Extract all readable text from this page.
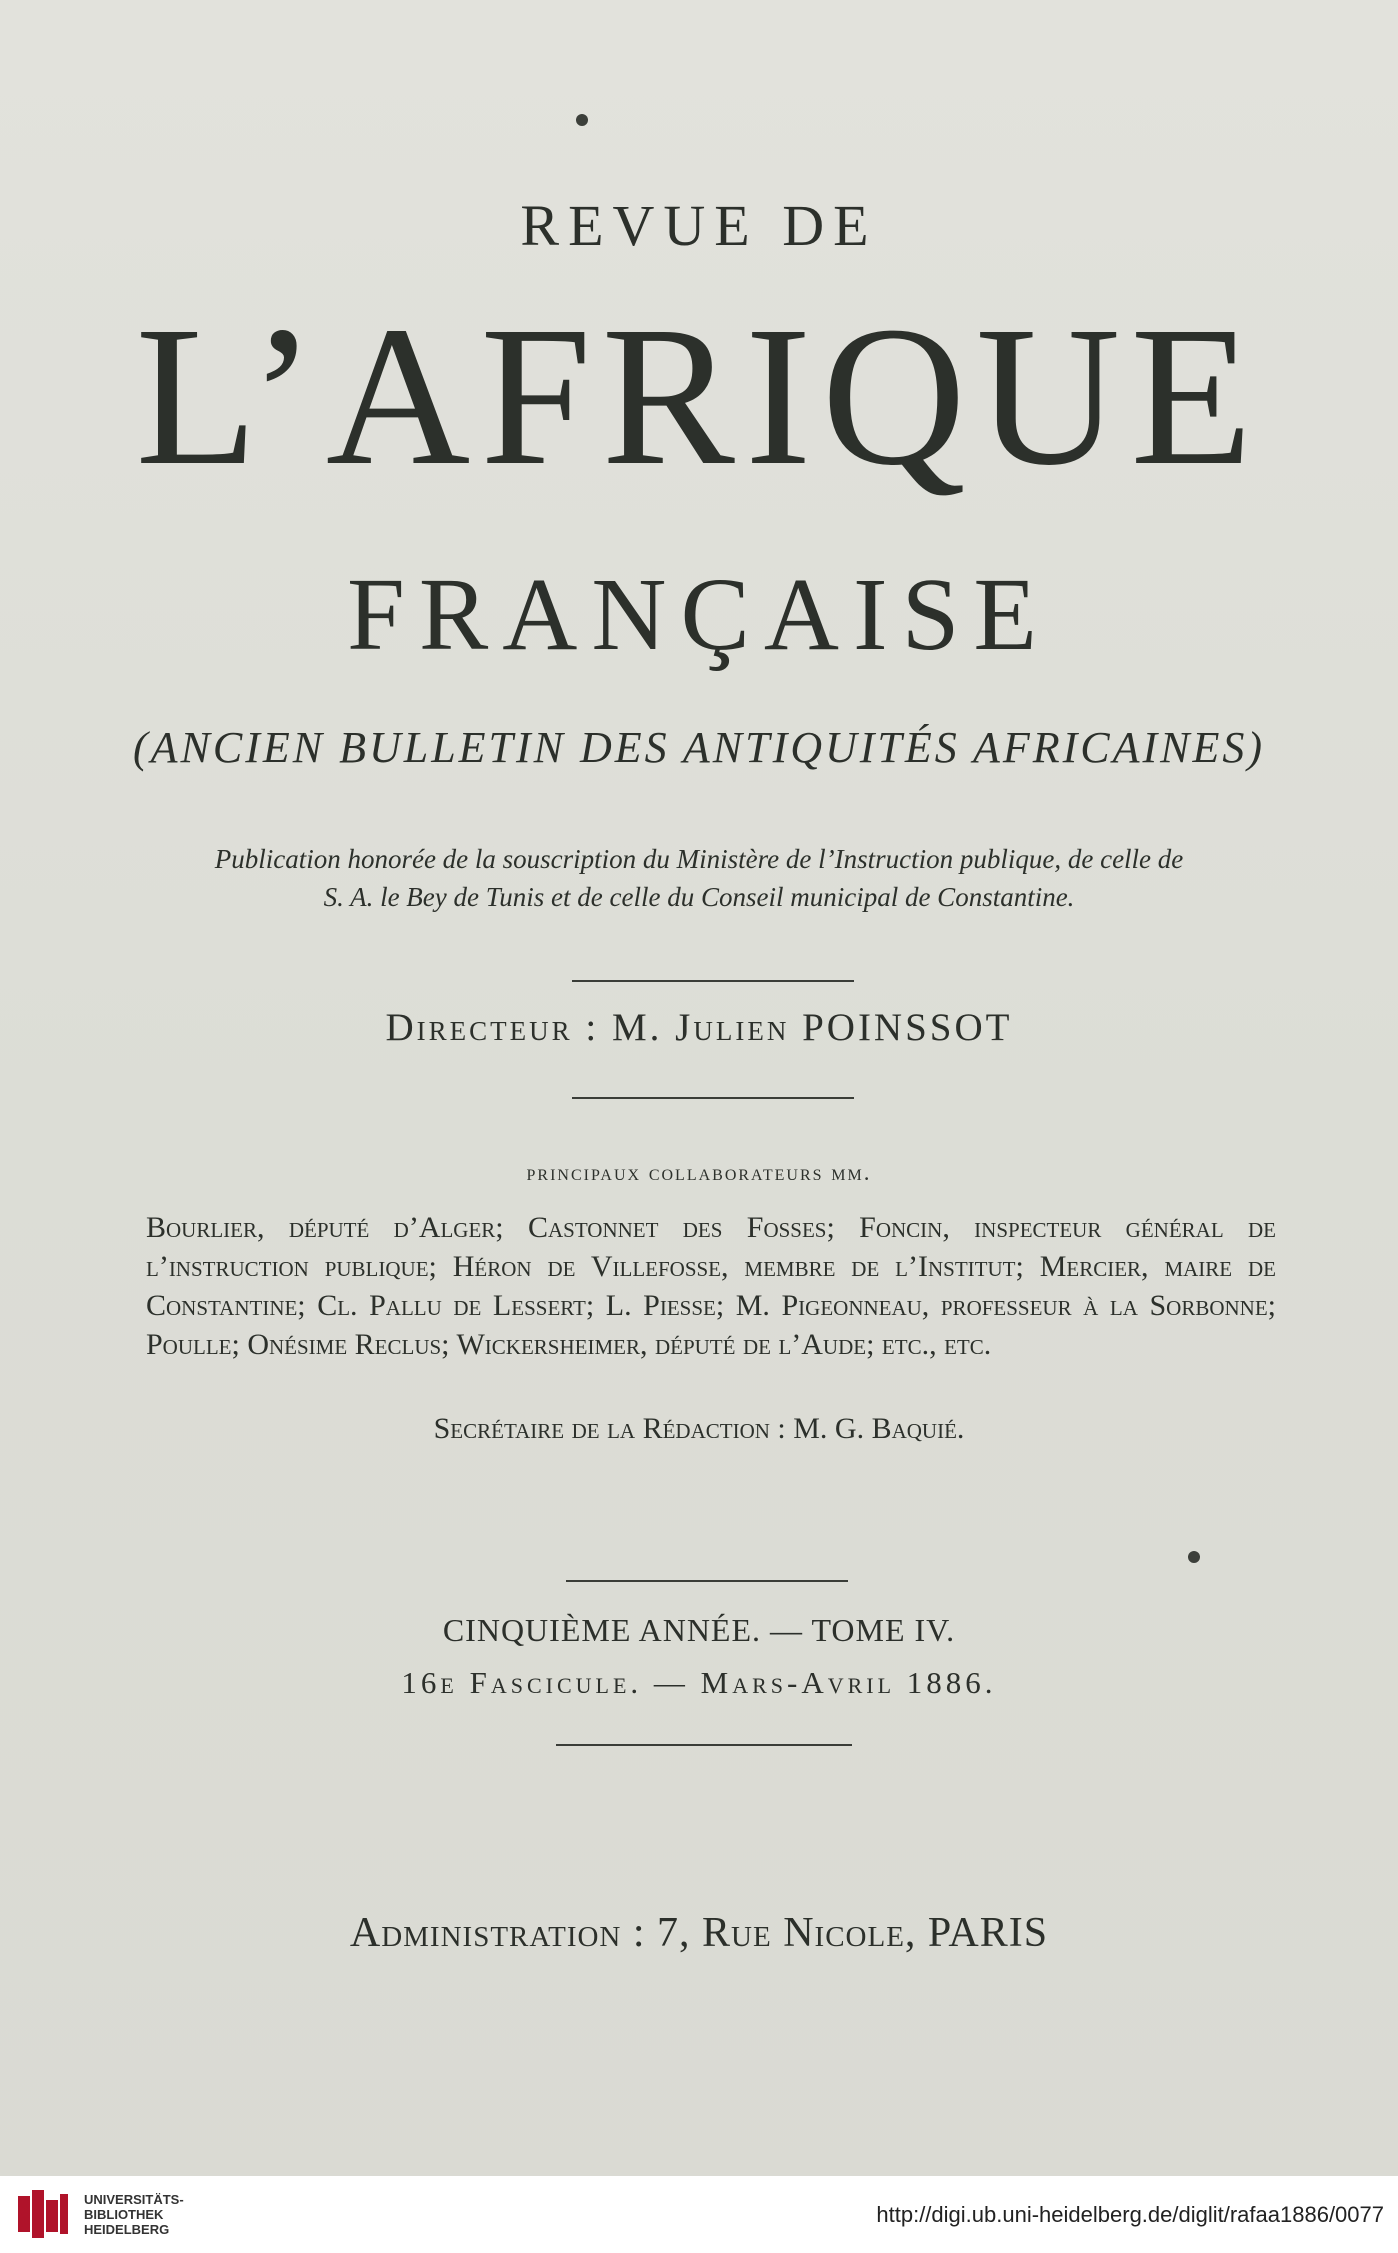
REVUE DE
L’AFRIQUE
FRANÇAISE
(ANCIEN BULLETIN DES ANTIQUITÉS AFRICAINES)
Publication honorée de la souscription du Ministère de l’Instruction publique, de celle de
S. A. le Bey de Tunis et de celle du Conseil municipal de Constantine.
Directeur : M. Julien POINSSOT
principaux collaborateurs mm.
Bourlier, député d’Alger; Castonnet des Fosses; Foncin, inspecteur général de l’instruction publique; Héron de Villefosse, membre de l’Institut; Mercier, maire de Constantine; Cl. Pallu de Lessert; L. Piesse; M. Pigeonneau, professeur à la Sorbonne; Poulle; Onésime Reclus; Wickersheimer, député de l’Aude; etc., etc.
Secrétaire de la Rédaction : M. G. Baquié.
CINQUIÈME ANNÉE. — TOME IV.
16e Fascicule. — Mars-Avril 1886.
Administration : 7, Rue Nicole, PARIS
UNIVERSITÄTS-
BIBLIOTHEK
HEIDELBERG
http://digi.ub.uni-heidelberg.de/diglit/rafaa1886/0077
